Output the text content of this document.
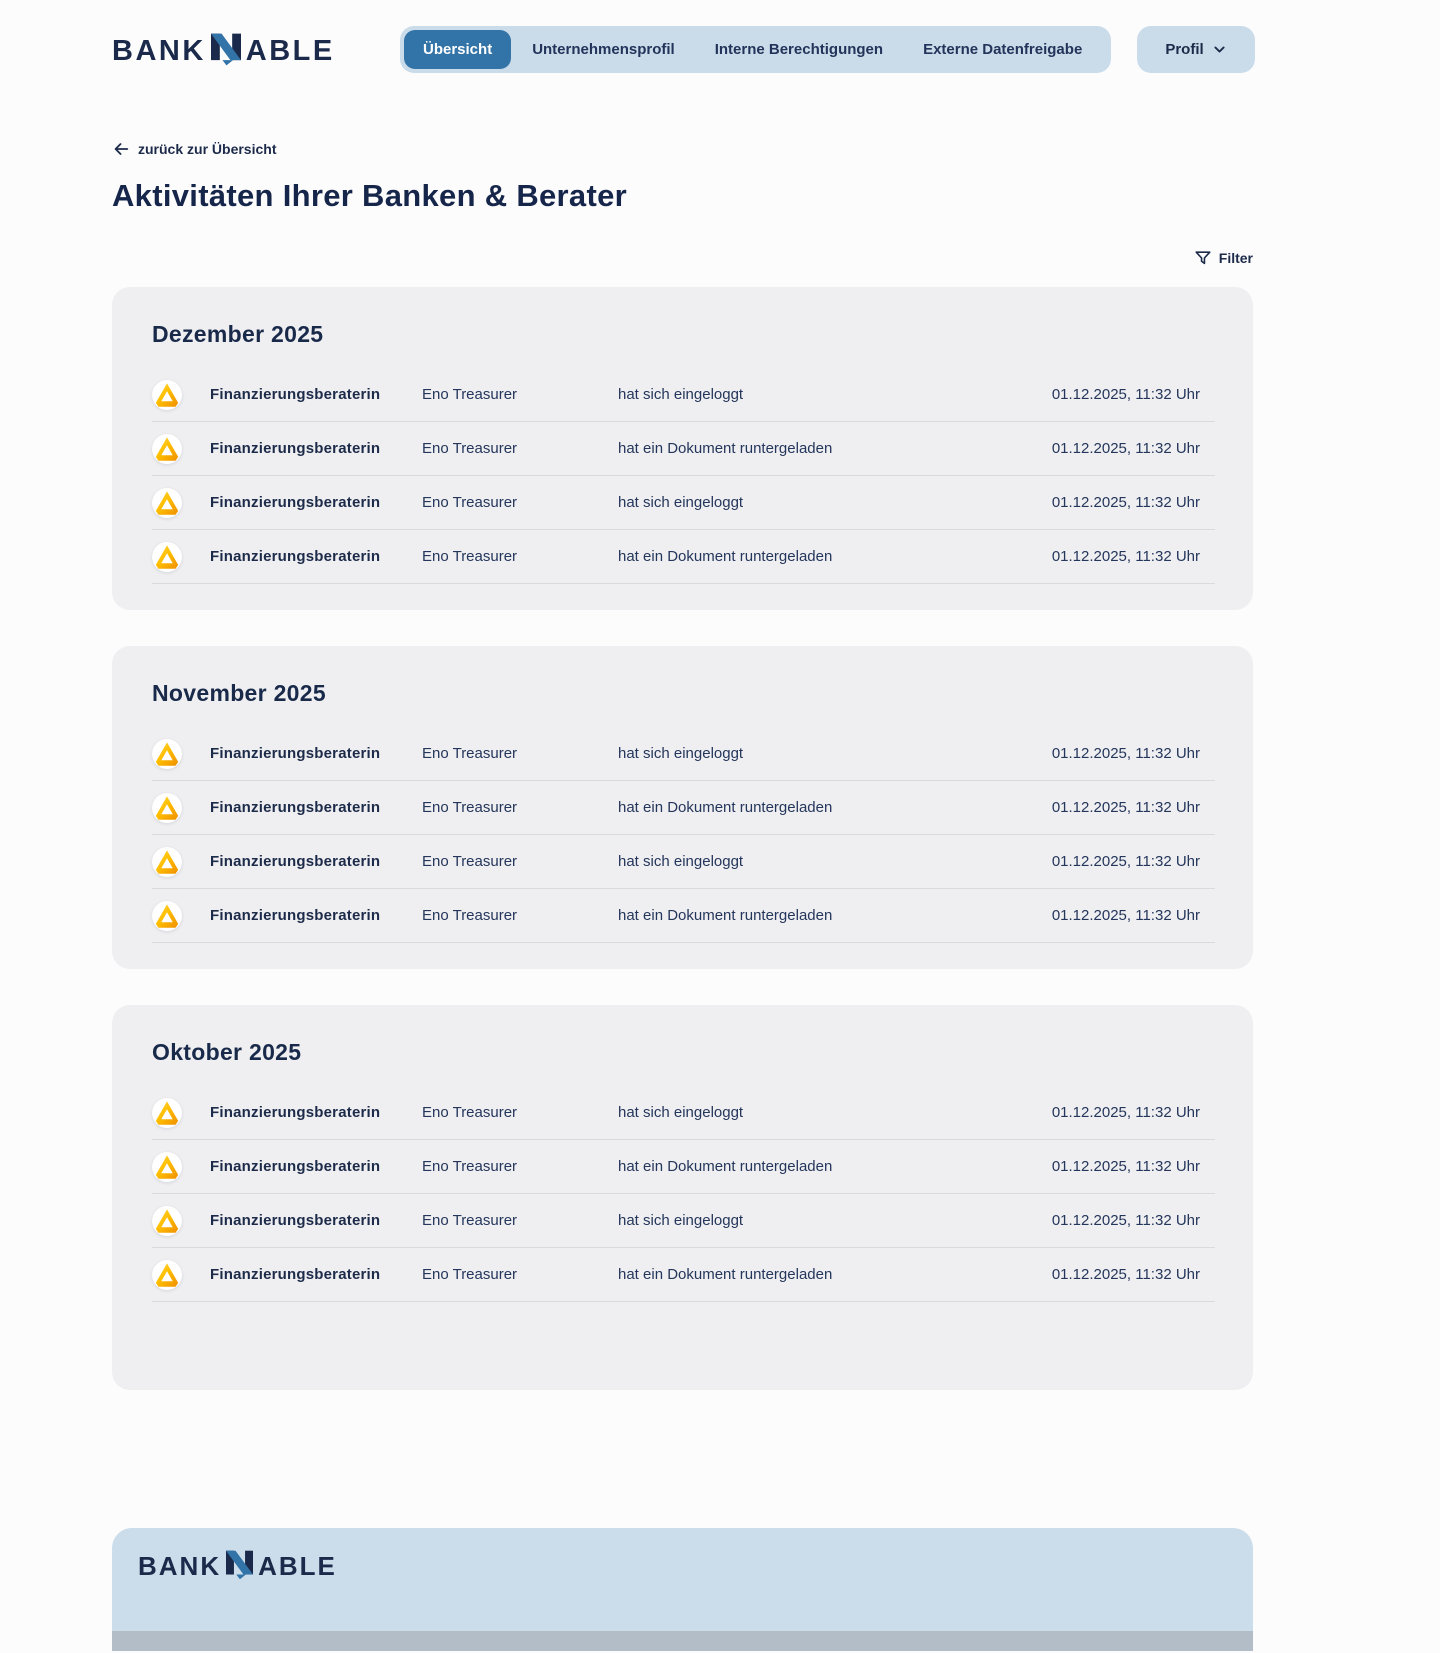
BANK ABLE	Übersicht	Unternehmensprofil	Interne Berechtigungen	Externe Datenfreigabe	Profil
zurück zur Übersicht
Aktivitäten Ihrer Banken & Berater
Filter
Dezember 2025
Finanzierungsberaterin	Eno Treasurer	hat sich eingeloggt	01.12.2025, 11:32 Uhr
Finanzierungsberaterin	Eno Treasurer	hat ein Dokument runtergeladen	01.12.2025, 11:32 Uhr
Finanzierungsberaterin	Eno Treasurer	hat sich eingeloggt	01.12.2025, 11:32 Uhr
Finanzierungsberaterin	Eno Treasurer	hat ein Dokument runtergeladen	01.12.2025, 11:32 Uhr
November 2025
Finanzierungsberaterin	Eno Treasurer	hat sich eingeloggt	01.12.2025, 11:32 Uhr
Finanzierungsberaterin	Eno Treasurer	hat ein Dokument runtergeladen	01.12.2025, 11:32 Uhr
Finanzierungsberaterin	Eno Treasurer	hat sich eingeloggt	01.12.2025, 11:32 Uhr
Finanzierungsberaterin	Eno Treasurer	hat ein Dokument runtergeladen	01.12.2025, 11:32 Uhr
Oktober 2025
Finanzierungsberaterin	Eno Treasurer	hat sich eingeloggt	01.12.2025, 11:32 Uhr
Finanzierungsberaterin	Eno Treasurer	hat ein Dokument runtergeladen	01.12.2025, 11:32 Uhr
Finanzierungsberaterin	Eno Treasurer	hat sich eingeloggt	01.12.2025, 11:32 Uhr
Finanzierungsberaterin	Eno Treasurer	hat ein Dokument runtergeladen	01.12.2025, 11:32 Uhr
BANK ABLE
